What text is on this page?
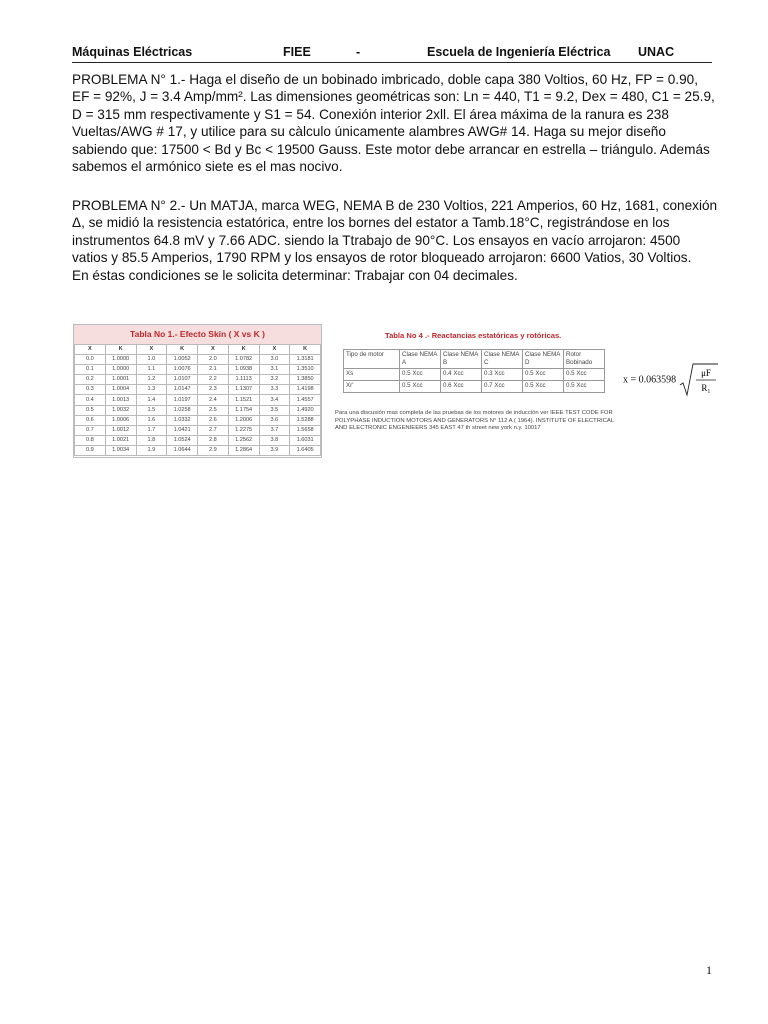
Máquinas Eléctricas	FIEE	-	Escuela de Ingeniería Eléctrica UNAC

PROBLEMA N° 1.- Haga el diseño de un bobinado imbricado, doble capa 380 Voltios, 60 Hz, FP = 0.90, EF = 92%, J = 3.4 Amp/mm². Las dimensiones geométricas son: Ln = 440, T1 = 9.2, Dex = 480, C1 = 25.9, D = 315 mm respectivamente y S1 = 54. Conexión interior 2xll. El área máxima de la ranura es 238 Vueltas/AWG # 17, y utilice para su càlculo únicamente alambres AWG# 14. Haga su mejor diseño sabiendo que: 17500 < Bd y Bc < 19500 Gauss. Este motor debe arrancar en estrella – triángulo. Además sabemos el armónico siete es el mas nocivo.

PROBLEMA N° 2.- Un MATJA, marca WEG, NEMA B de 230 Voltios, 221 Amperios, 60 Hz, 1681, conexión Δ, se midió la resistencia estatórica, entre los bornes del estator a Tamb.18°C, registrándose en los instrumentos 64.8 mV y 7.66 ADC. siendo la Ttrabajo de 90°C. Los ensayos en vacío arrojaron: 4500 vatios y 85.5 Amperios, 1790 RPM y los ensayos de rotor bloqueado arrojaron: 6600 Vatios, 30 Voltios.
En éstas condiciones se le solicita determinar: Trabajar con 04 decimales.
Tabla No 1.- Efecto Skin ( X vs K )
X	K	X	K	X	K	X	K
0.0	1.0000	1.0	1.0052	2.0	1.0782	3.0	1.3181
0.1	1.0000	1.1	1.0076	2.1	1.0938	3.1	1.3510
0.2	1.0001	1.2	1.0107	2.2	1.1113	3.2	1.3850
0.3	1.0004	1.3	1.0147	2.3	1.1307	3.3	1.4198
0.4	1.0013	1.4	1.0197	2.4	1.1521	3.4	1.4557
0.5	1.0032	1.5	1.0258	2.5	1.1754	3.5	1.4920
0.6	1.0006	1.6	1.0332	2.6	1.2006	3.6	1.5288
0.7	1.0012	1.7	1.0421	2.7	1.2275	3.7	1.5658
0.8	1.0021	1.8	1.0524	2.8	1.2562	3.8	1.6031
0.9	1.0034	1.9	1.0644	2.9	1.2864	3.9	1.6405
Tabla No 4 .- Reactancias estatóricas y rotóricas.
Tipo de motor	Clase NEMA A	Clase NEMA B	Clase NEMA C	Clase NEMA D	Rotor Bobinado
Xs	0.5 Xcc	0.4 Xcc	0.3 Xcc	0.5 Xcc	0.5 Xcc
Xr'	0.5 Xcc	0.6 Xcc	0.7 Xcc	0.5 Xcc	0.5 Xcc
x = 0.063598
μF
R₁

Para una discusión mas completa de las pruebas de los motores de inducción ver IEEE TEST CODE FOR POLYPHASE INDUCTION MOTORS AND GENERATORS N° 112 A ( 1964). INSTITUTE OF ELECTRICAL AND ELECTRONIC ENGENIEERS 345 EAST 47 th street new york n.y. 10017

1
